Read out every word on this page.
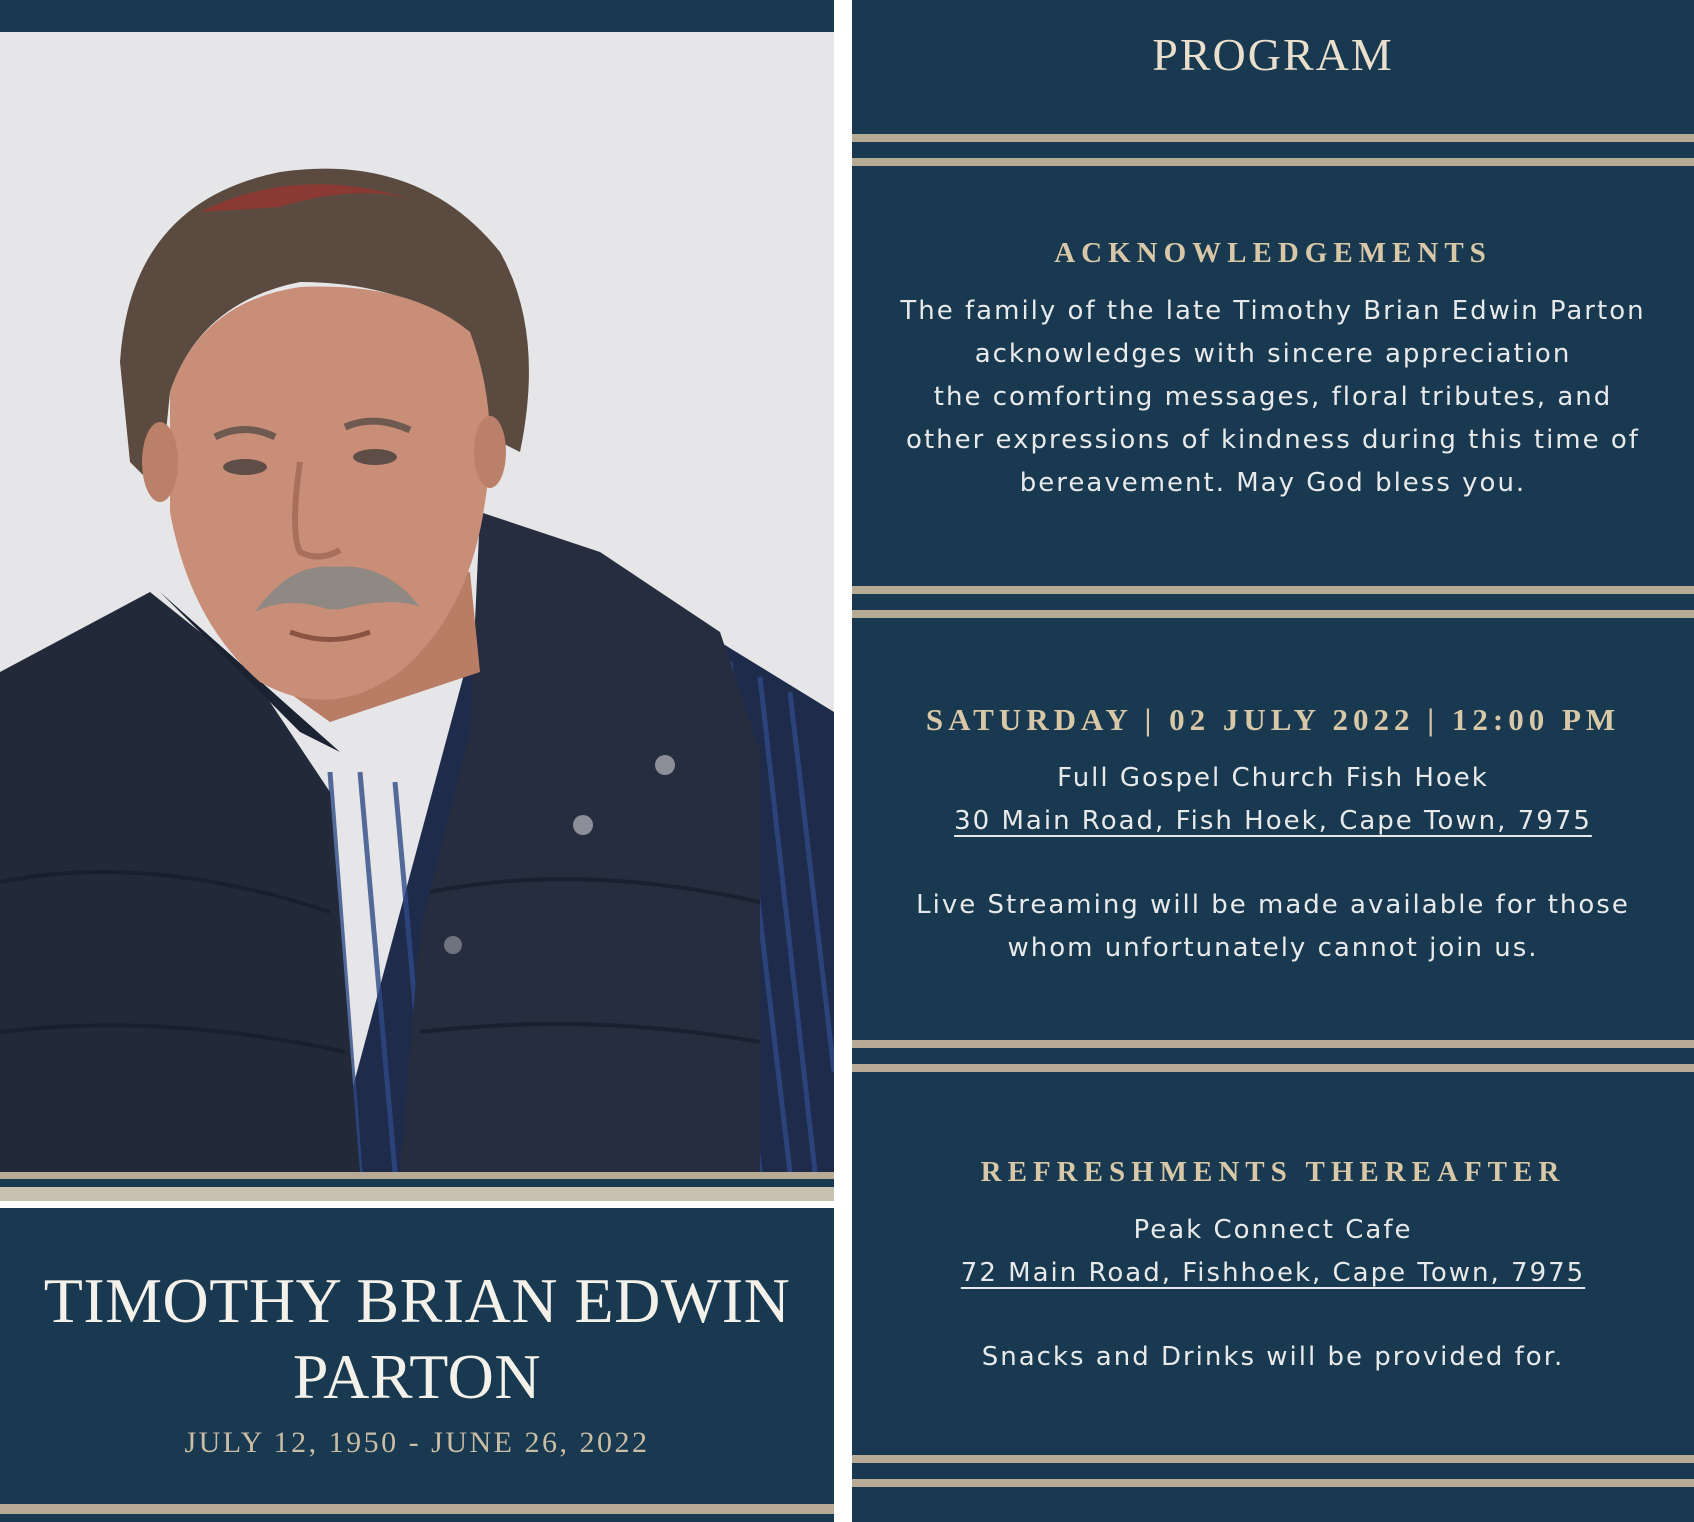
TIMOTHY BRIAN EDWIN
PARTON
JULY 12, 1950 - JUNE 26, 2022
PROGRAM
ACKNOWLEDGEMENTS
The family of the late Timothy Brian Edwin Parton
acknowledges with sincere appreciation
the comforting messages, floral tributes, and
other expressions of kindness during this time of
bereavement. May God bless you.
SATURDAY | 02 JULY 2022 | 12:00 PM
Full Gospel Church Fish Hoek
30 Main Road, Fish Hoek, Cape Town, 7975
Live Streaming will be made available for those
whom unfortunately cannot join us.
REFRESHMENTS THEREAFTER
Peak Connect Cafe
72 Main Road, Fishhoek, Cape Town, 7975
Snacks and Drinks will be provided for.
